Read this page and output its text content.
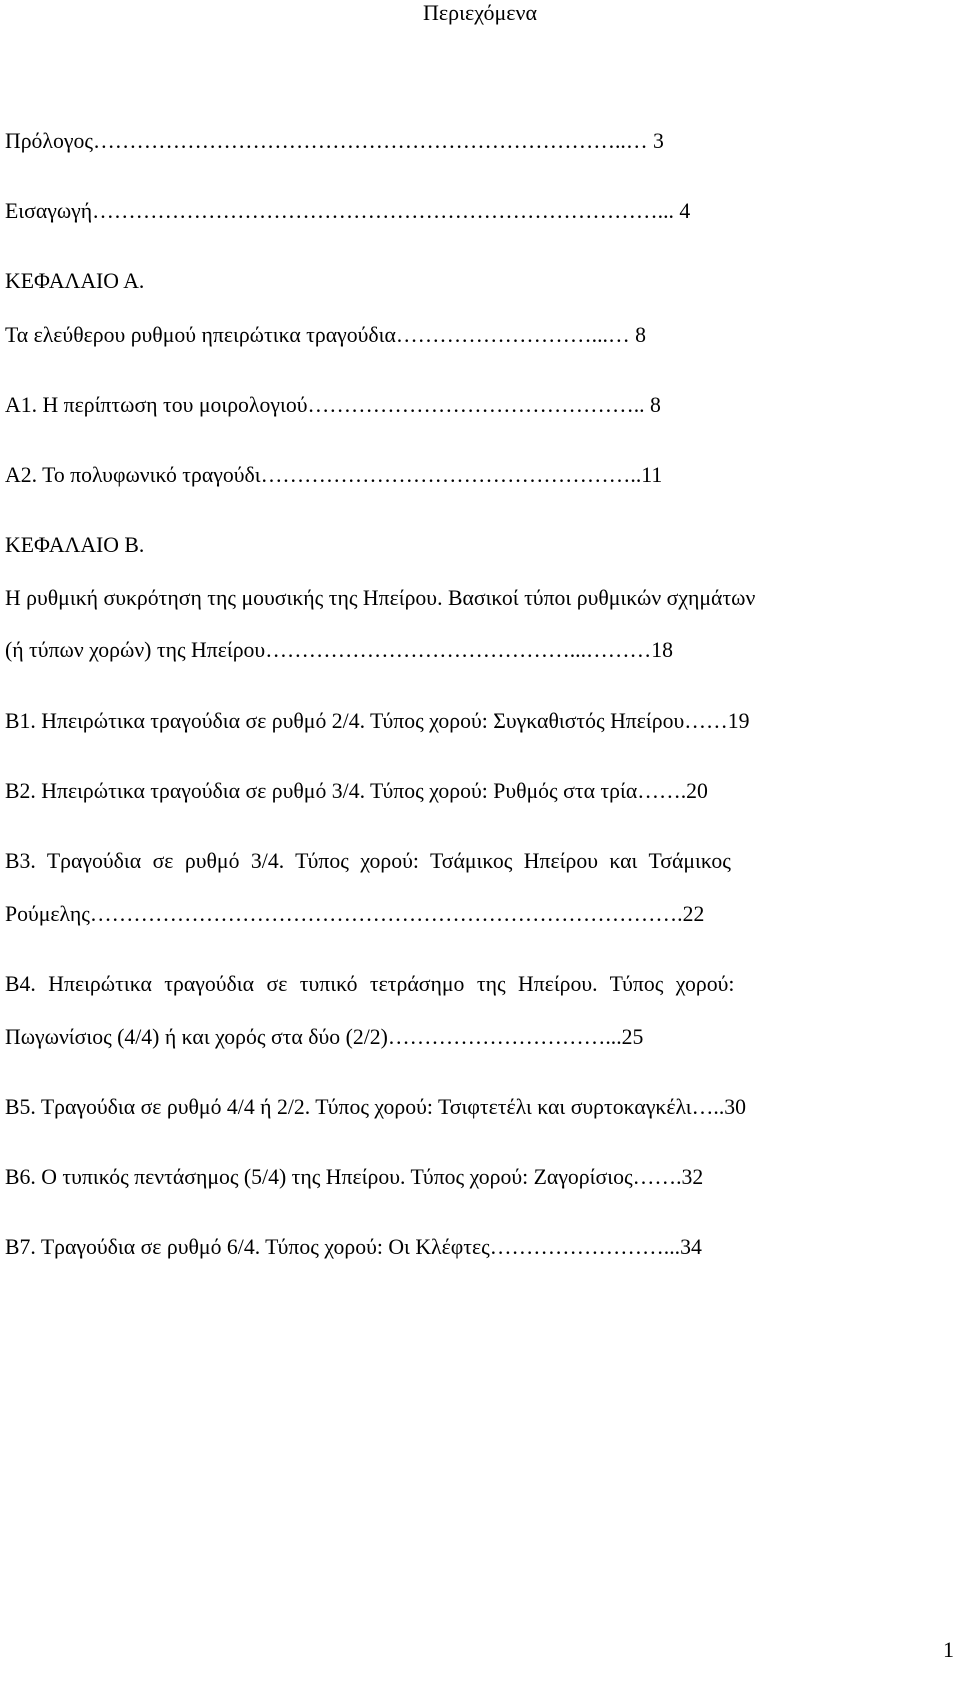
Περιεχόμενα
Πρόλογος………………………………………………………………..… 3
Εισαγωγή……………………………………………………………………... 4
ΚΕΦΑΛΑΙΟ Α.
Τα ελεύθερου ρυθμού ηπειρώτικα τραγούδια………………………...… 8
Α1. Η περίπτωση του μοιρολογιού……………………………………….. 8
Α2. Το πολυφωνικό τραγούδι……………………………………………..11
ΚΕΦΑΛΑΙΟ Β.
Η ρυθμική συκρότηση της μουσικής της Ηπείρου. Βασικοί τύποι ρυθμικών σχημάτων
(ή τύπων χορών) της Ηπείρου……………………………………...………18
Β1. Ηπειρώτικα τραγούδια σε ρυθμό 2/4. Τύπος χορού: Συγκαθιστός Ηπείρου……19
Β2. Ηπειρώτικα τραγούδια σε ρυθμό 3/4. Τύπος χορού: Ρυθμός στα τρία…….20
Β3. Τραγούδια σε ρυθμό 3/4. Τύπος χορού: Τσάμικος Ηπείρου και Τσάμικος
Ρούμελης……………………………………………………………………….22
Β4. Ηπειρώτικα τραγούδια σε τυπικό τετράσημο της Ηπείρου. Τύπος χορού:
Πωγωνίσιος (4/4) ή και χορός στα δύο (2/2)…………………………...25
Β5. Τραγούδια σε ρυθμό 4/4 ή 2/2. Τύπος χορού: Τσιφτετέλι και συρτοκαγκέλι…..30
Β6. Ο τυπικός πεντάσημος (5/4) της Ηπείρου. Τύπος χορού: Ζαγορίσιος…….32
Β7. Τραγούδια σε ρυθμό 6/4. Τύπος χορού: Οι Κλέφτες……………………...34
1
